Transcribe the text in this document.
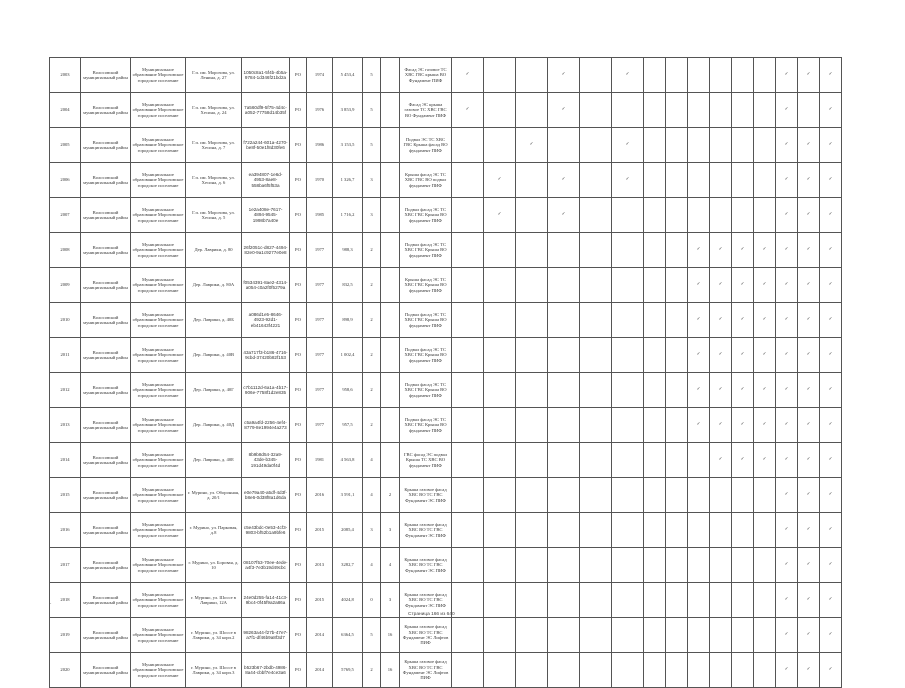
2003	Волосовский муниципальный район	Муниципальное образование Морозовское городское поселение	Г.п. им. Морозова, ул. Ленина, д. 27	1050c8a1-5f4b-4b5a-9784-1d346f21bd2a	РО	1974	5 453,4	5		Фасад ЭС газовое ТС ХВС ГВС крыша ВО Фундамент ПИФ	✓			✓		✓							✓	✓	✓
2004	Волосовский муниципальный район	Муниципальное образование Морозовское городское поселение	Г.п. им. Морозова, ул. Хесина, д. 24	7a560df9-5f75-4d4c-a052-77758d14b35f	РО	1976	3 853,9	5		Фасад ЭС крыша газовое ТС ХВС ГВС ВО Фундамент ПИФ	✓			✓									✓		✓
2005	Волосовский муниципальный район	Муниципальное образование Морозовское городское поселение	Г.п. им. Морозова, ул. Хесина, д. 7	f722a244-601a-4270-be8f-50e1f8d30fe6	РО	1986	3 153,5	5		Подвал ЭС ТС ХВС ГВС Крыша фасад ВО фундамент ПИФ			✓			✓							✓	✓	✓
2006	Волосовский муниципальный район	Муниципальное образование Морозовское городское поселение	Г.п. им. Морозова, ул. Хесина, д. 6	ea394807-1e6d-4953-8ae8-558ba6f5f53a	РО	1970	1 326,7	3		Крыша фасад ЭС ТС ХВС ГВС ВО подвал фундамент ПИФ		✓		✓		✓							✓	✓	✓
2007	Волосовский муниципальный район	Муниципальное образование Морозовское городское поселение	Г.п. им. Морозова, ул. Хесина, д. 5	1e2a408e-7617-4894-9545-1998b7a40e	РО	1985	1 716,2	3		Подвал фасад ЭС ТС ХВС ГВС Крыша ВО фундамент ПИФ		✓		✓									✓	✓	✓
2008	Волосовский муниципальный район	Муниципальное образование Морозовское городское поселение	Дер. Лаврики, д. 80	26f2051c-d827-4494-82e0-9a1c9277e0e8	РО	1977	988,3	2		Подвал фасад ЭС ТС ХВС ГВС Крыша ВО фундамент ПИФ									✓	✓	✓	✓	✓	✓	✓
2009	Волосовский муниципальный район	Муниципальное образование Морозовское городское поселение	Дер. Лаврики, д. 80А	f0534391-8ae2-4314-a054-c0a2f0f5279a	РО	1977	832,5	2		Крыша фасад ЭС ТС ХВС ГВС Крыша ВО фундамент ПИФ									✓	✓	✓	✓	✓	✓	✓
2010	Волосовский муниципальный район	Муниципальное образование Морозовское городское поселение	Дер. Лаврики, д. 40Б	a086d1e5-8646-4923-92d1-eb41643f4221	РО	1977	898,9	2		Подвал фасад ЭС ТС ХВС ГВС Крыша ВО фундамент ПИФ									✓	✓	✓	✓	✓	✓	✓
2011	Волосовский муниципальный район	Муниципальное образование Морозовское городское поселение	Дер. Лаврики, д. 40В	43a717f3-b186-4716-9cbd-37420b82f153	РО	1977	1 002,4	2		Подвал фасад ЭС ТС ХВС ГВС Крыша ВО фундамент ПИФ									✓	✓	✓	✓	✓	✓	✓
2012	Волосовский муниципальный район	Муниципальное образование Морозовское городское поселение	Дер. Лаврики, д. 40Г	c7b1112d-6a1a-4b17-906e-7758f1d2e835	РО	1977	958,6	2		Подвал фасад ЭС ТС ХВС ГВС Крыша ВО фундамент ПИФ									✓	✓	✓	✓	✓	✓	✓
2013	Волосовский муниципальный район	Муниципальное образование Морозовское городское поселение	Дер. Лаврики, д. 40Д	c5a9a4fd-2256-4ef4-8779-8e1994e4a273	РО	1977	957,5	2		Подвал фасад ЭС ТС ХВС ГВС Крыша ВО фундамент ПИФ									✓	✓	✓	✓	✓	✓	✓
2014	Волосовский муниципальный район	Муниципальное образование Морозовское городское поселение	Дер. Лаврики, д. 40Е	8b9b8d54-32a9-43de-b345-191d49da0f4d	РО	1981	4 563,8	4		ГВС фасад ЭС подвал Крыша ТС ХВС ВО фундамент ПИФ										✓	✓	✓	✓	✓	✓
2015	Волосовский муниципальный район	Муниципальное образование Морозовское городское поселение	г. Мурино, ул. Оборонная, д. 20/1	e0e79a40-a5df-4d3f-b8e6-0d38f8a1d6da	РО	2016	3 591,1	4	2	Крыша газовое фасад ХВС ВО ТС ГВС Фундамент ЭС ПИФ													✓	✓	✓
2016	Волосовский муниципальный район	Муниципальное образование Морозовское городское поселение	г. Мурино, ул. Парковая, д.8	c5e43bdc-0e53-4cf3-9803-bf52b1a9bfe6	РО	2015	2085,4	3	3	Крыша газовое фасад ХВС ВО ТС ГВС Фундамент ЭС ПИФ													✓	✓	✓
2017	Волосовский муниципальный район	Муниципальное образование Морозовское городское поселение	г. Мурино, ул. Боровая, д. 10	08107f53-70ee-4ede-a4f3-7e3b19d49cbc	РО	2013	3282,7	4	4	Крыша газовое фасад ХВС ВО ТС ГВС Фундамент ЭС ПИФ													✓	✓	✓
2018	Волосовский муниципальный район	Муниципальное образование Морозовское городское поселение	г. Мурино, ул. Шоссе в Лаврики, 12А	24e0d255-fa14-41c3-9bc4-0f45f9a2a86a	РО	2015	4024,8	0	3	Крыша газовое фасад ХВС ВО ТС ГВС Фундамент ЭС ПИФ													✓	✓	✓
2019	Волосовский муниципальный район	Муниципальное образование Морозовское городское поселение	г. Мурино, ул. Шоссе в Лаврики, д. 34 корп.2	98263a44-f27b-47e7-a7f1-df46b9a8f3d7	РО	2014	6364,5	5	16	Крыша газовое фасад ХВС ВО ТС ГВС Фундамент ЭС Лифтов ПИФ													✓	✓	✓
2020	Волосовский муниципальный район	Муниципальное образование Морозовское городское поселение	г. Мурино, ул. Шоссе в Лаврики, д. 34 корп.3	b523b67-2bdb-4986-8a44-cbbf7e4ce3a6	РО	2014	5769,5	2	16	Крыша газовое фасад ХВС ВО ТС ГВС Фундамент ЭС Лифтов ПИФ													✓	✓	✓
.
Страница 166 из 640
